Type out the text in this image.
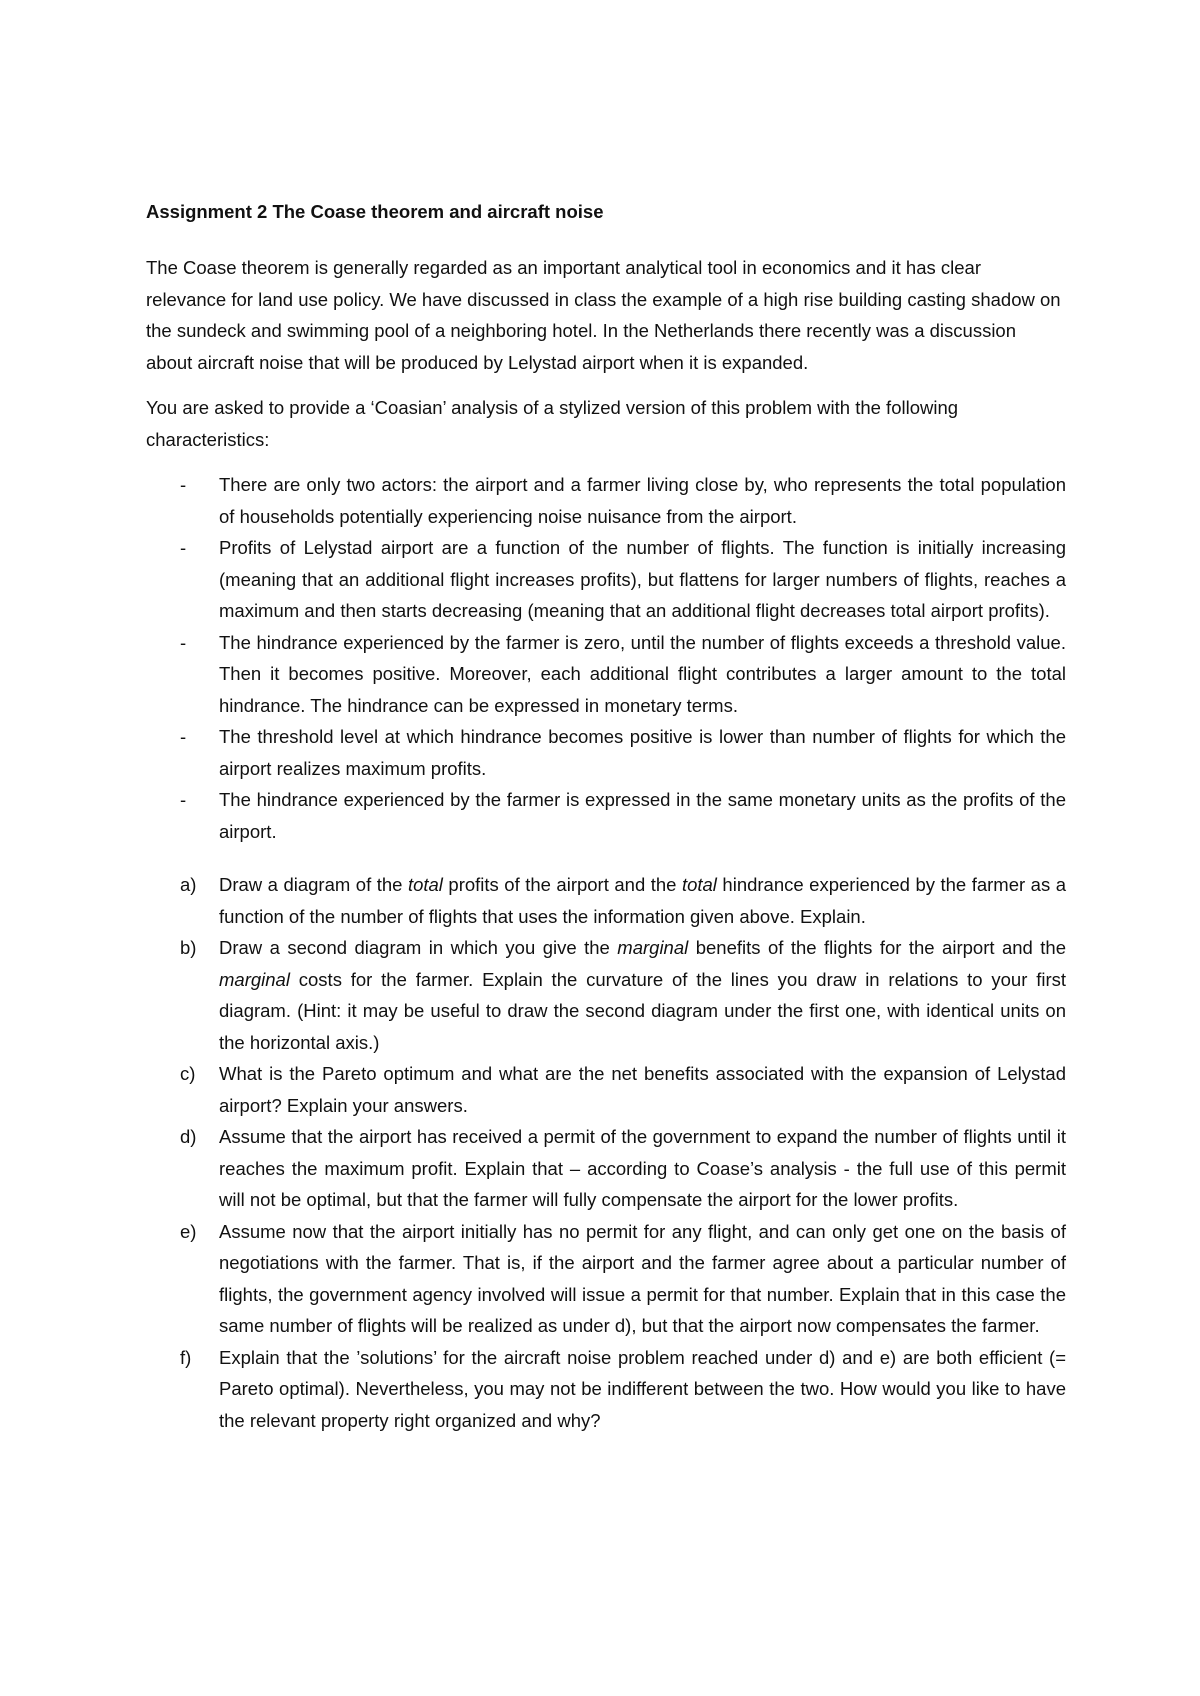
Assignment 2 The Coase theorem and aircraft noise

The Coase theorem is generally regarded as an important analytical tool in economics and it has clear relevance for land use policy. We have discussed in class the example of a high rise building casting shadow on the sundeck and swimming pool of a neighboring hotel. In the Netherlands there recently was a discussion about aircraft noise that will be produced by Lelystad airport when it is expanded.

You are asked to provide a ‘Coasian’ analysis of a stylized version of this problem with the following characteristics:

- There are only two actors: the airport and a farmer living close by, who represents the total population of households potentially experiencing noise nuisance from the airport.
- Profits of Lelystad airport are a function of the number of flights. The function is initially increasing (meaning that an additional flight increases profits), but flattens for larger numbers of flights, reaches a maximum and then starts decreasing (meaning that an additional flight decreases total airport profits).
- The hindrance experienced by the farmer is zero, until the number of flights exceeds a threshold value. Then it becomes positive. Moreover, each additional flight contributes a larger amount to the total hindrance. The hindrance can be expressed in monetary terms.
- The threshold level at which hindrance becomes positive is lower than number of flights for which the airport realizes maximum profits.
- The hindrance experienced by the farmer is expressed in the same monetary units as the profits of the airport.
a) Draw a diagram of the total profits of the airport and the total hindrance experienced by the farmer as a function of the number of flights that uses the information given above. Explain.
b) Draw a second diagram in which you give the marginal benefits of the flights for the airport and the marginal costs for the farmer. Explain the curvature of the lines you draw in relations to your first diagram. (Hint: it may be useful to draw the second diagram under the first one, with identical units on the horizontal axis.)
c) What is the Pareto optimum and what are the net benefits associated with the expansion of Lelystad airport? Explain your answers.
d) Assume that the airport has received a permit of the government to expand the number of flights until it reaches the maximum profit. Explain that – according to Coase’s analysis - the full use of this permit will not be optimal, but that the farmer will fully compensate the airport for the lower profits.
e) Assume now that the airport initially has no permit for any flight, and can only get one on the basis of negotiations with the farmer. That is, if the airport and the farmer agree about a particular number of flights, the government agency involved will issue a permit for that number. Explain that in this case the same number of flights will be realized as under d), but that the airport now compensates the farmer.
f) Explain that the ’solutions’ for the aircraft noise problem reached under d) and e) are both efficient (= Pareto optimal). Nevertheless, you may not be indifferent between the two. How would you like to have the relevant property right organized and why?
